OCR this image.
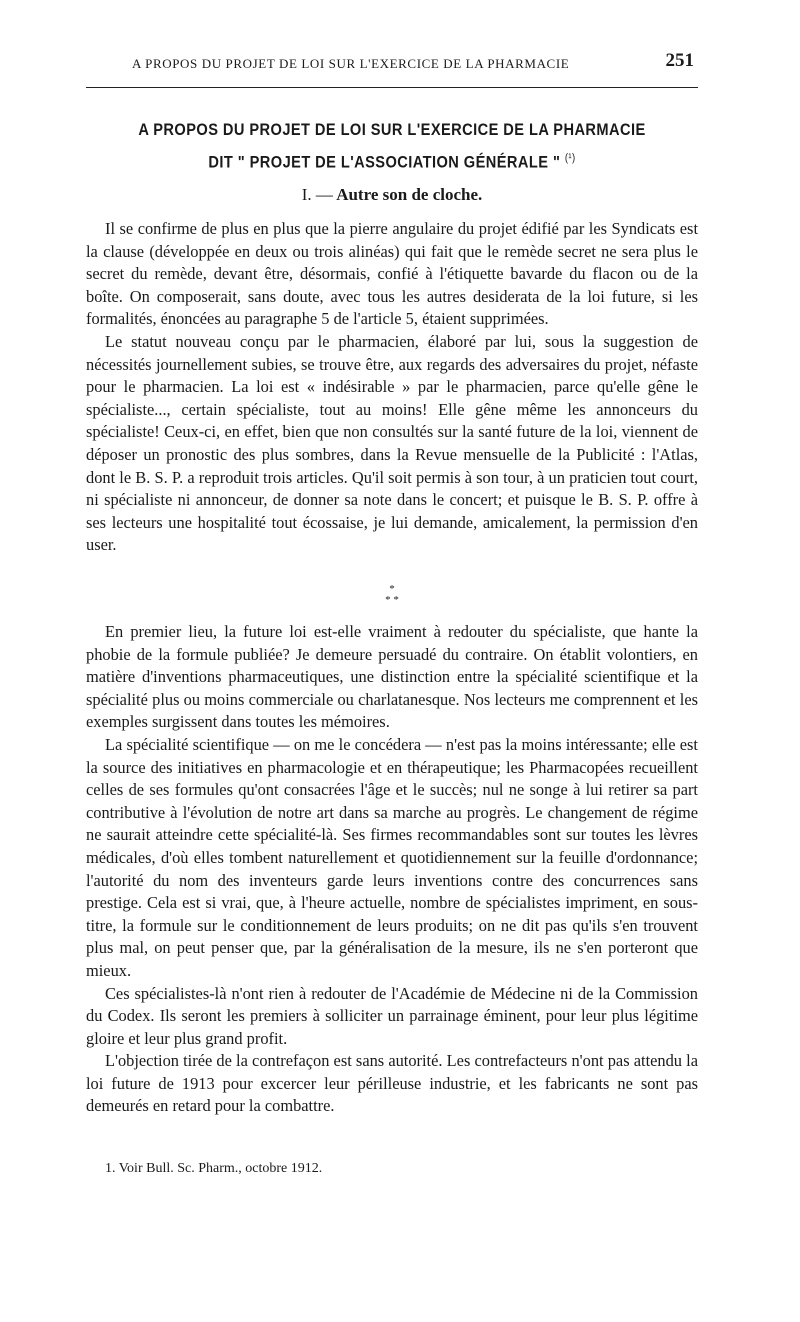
A PROPOS DU PROJET DE LOI SUR L'EXERCICE DE LA PHARMACIE	251
A PROPOS DU PROJET DE LOI SUR L'EXERCICE DE LA PHARMACIE
DIT " PROJET DE L'ASSOCIATION GÉNÉRALE " $^{(^1)}$
I. — Autre son de cloche.

Il se confirme de plus en plus que la pierre angulaire du projet édifié par les Syndicats est la clause (développée en deux ou trois alinéas) qui fait que le remède secret ne sera plus le secret du remède, devant être, désormais, confié à l'étiquette bavarde du flacon ou de la boîte. On composerait, sans doute, avec tous les autres desiderata de la loi future, si les formalités, énoncées au paragraphe 5 de l'article 5, étaient supprimées.

Le statut nouveau conçu par le pharmacien, élaboré par lui, sous la suggestion de nécessités journellement subies, se trouve être, aux regards des adversaires du projet, néfaste pour le pharmacien. La loi est « indésirable » par le pharmacien, parce qu'elle gêne le spécialiste..., certain spécialiste, tout au moins! Elle gêne même les annonceurs du spécialiste! Ceux-ci, en effet, bien que non consultés sur la santé future de la loi, viennent de déposer un pronostic des plus sombres, dans la Revue mensuelle de la Publicité : l'Atlas, dont le B. S. P. a reproduit trois articles. Qu'il soit permis à son tour, à un praticien tout court, ni spécialiste ni annonceur, de donner sa note dans le concert; et puisque le B. S. P. offre à ses lecteurs une hospitalité tout écossaise, je lui demande, amicalement, la permission d'en user.

*
* *

En premier lieu, la future loi est-elle vraiment à redouter du spécialiste, que hante la phobie de la formule publiée? Je demeure persuadé du contraire. On établit volontiers, en matière d'inventions pharmaceutiques, une distinction entre la spécialité scientifique et la spécialité plus ou moins commerciale ou charlatanesque. Nos lecteurs me comprennent et les exemples surgissent dans toutes les mémoires.

La spécialité scientifique — on me le concédera — n'est pas la moins intéressante; elle est la source des initiatives en pharmacologie et en thérapeutique; les Pharmacopées recueillent celles de ses formules qu'ont consacrées l'âge et le succès; nul ne songe à lui retirer sa part contributive à l'évolution de notre art dans sa marche au progrès. Le changement de régime ne saurait atteindre cette spécialité-là. Ses firmes recommandables sont sur toutes les lèvres médicales, d'où elles tombent naturellement et quotidiennement sur la feuille d'ordonnance; l'autorité du nom des inventeurs garde leurs inventions contre des concurrences sans prestige. Cela est si vrai, que, à l'heure actuelle, nombre de spécialistes impriment, en sous-titre, la formule sur le conditionnement de leurs produits; on ne dit pas qu'ils s'en trouvent plus mal, on peut penser que, par la généralisation de la mesure, ils ne s'en porteront que mieux.

Ces spécialistes-là n'ont rien à redouter de l'Académie de Médecine ni de la Commission du Codex. Ils seront les premiers à solliciter un parrainage éminent, pour leur plus légitime gloire et leur plus grand profit.

L'objection tirée de la contrefaçon est sans autorité. Les contrefacteurs n'ont pas attendu la loi future de 1913 pour excercer leur périlleuse industrie, et les fabricants ne sont pas demeurés en retard pour la combattre.

1. Voir Bull. Sc. Pharm., octobre 1912.
